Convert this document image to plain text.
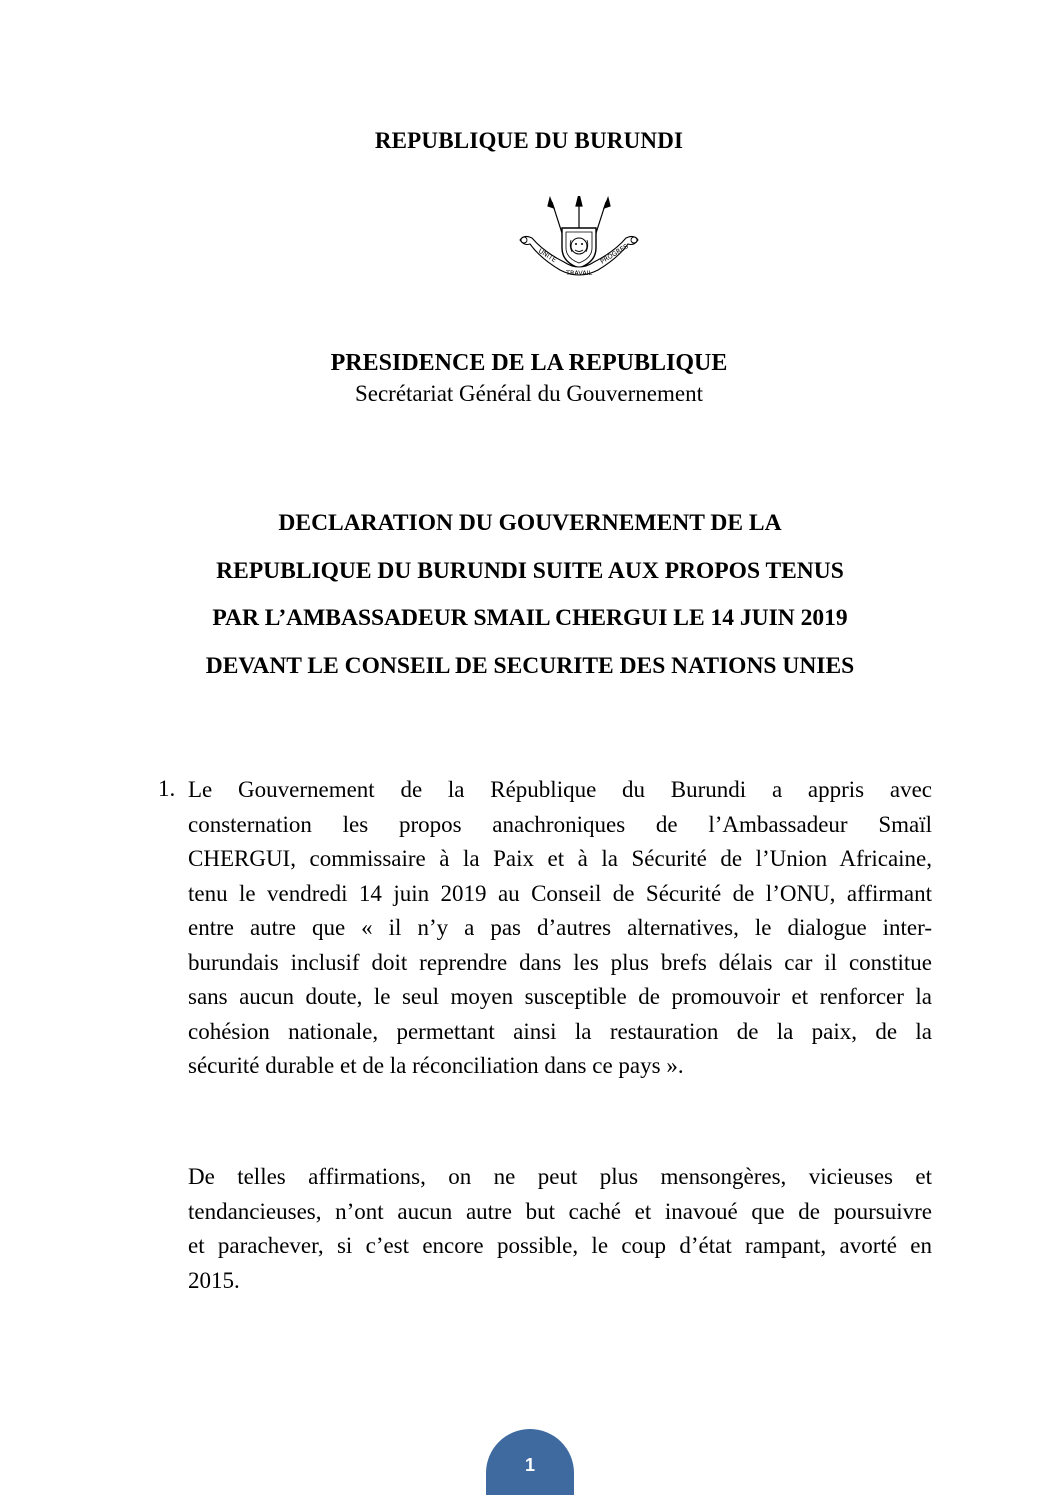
REPUBLIQUE DU BURUNDI
UNITE
TRAVAIL
PROGRES
PRESIDENCE DE LA REPUBLIQUE
Secrétariat Général du Gouvernement
DECLARATION DU GOUVERNEMENT DE LA
REPUBLIQUE DU BURUNDI SUITE AUX PROPOS TENUS
PAR L’AMBASSADEUR SMAIL CHERGUI LE 14 JUIN 2019
DEVANT LE CONSEIL DE SECURITE DES NATIONS UNIES
1. Le Gouvernement de la République du Burundi a appris avec
consternation les propos anachroniques de l’Ambassadeur Smaïl
CHERGUI, commissaire à la Paix et à la Sécurité de l’Union Africaine,
tenu le vendredi 14 juin 2019 au Conseil de Sécurité de l’ONU, affirmant
entre autre que « il n’y a pas d’autres alternatives, le dialogue inter-
burundais inclusif doit reprendre dans les plus brefs délais car il constitue
sans aucun doute, le seul moyen susceptible de promouvoir et renforcer la
cohésion nationale, permettant ainsi la restauration de la paix, de la
sécurité durable et de la réconciliation dans ce pays ».
De telles affirmations, on ne peut plus mensongères, vicieuses et
tendancieuses, n’ont aucun autre but caché et inavoué que de poursuivre
et parachever, si c’est encore possible, le coup d’état rampant, avorté en
2015.
1
